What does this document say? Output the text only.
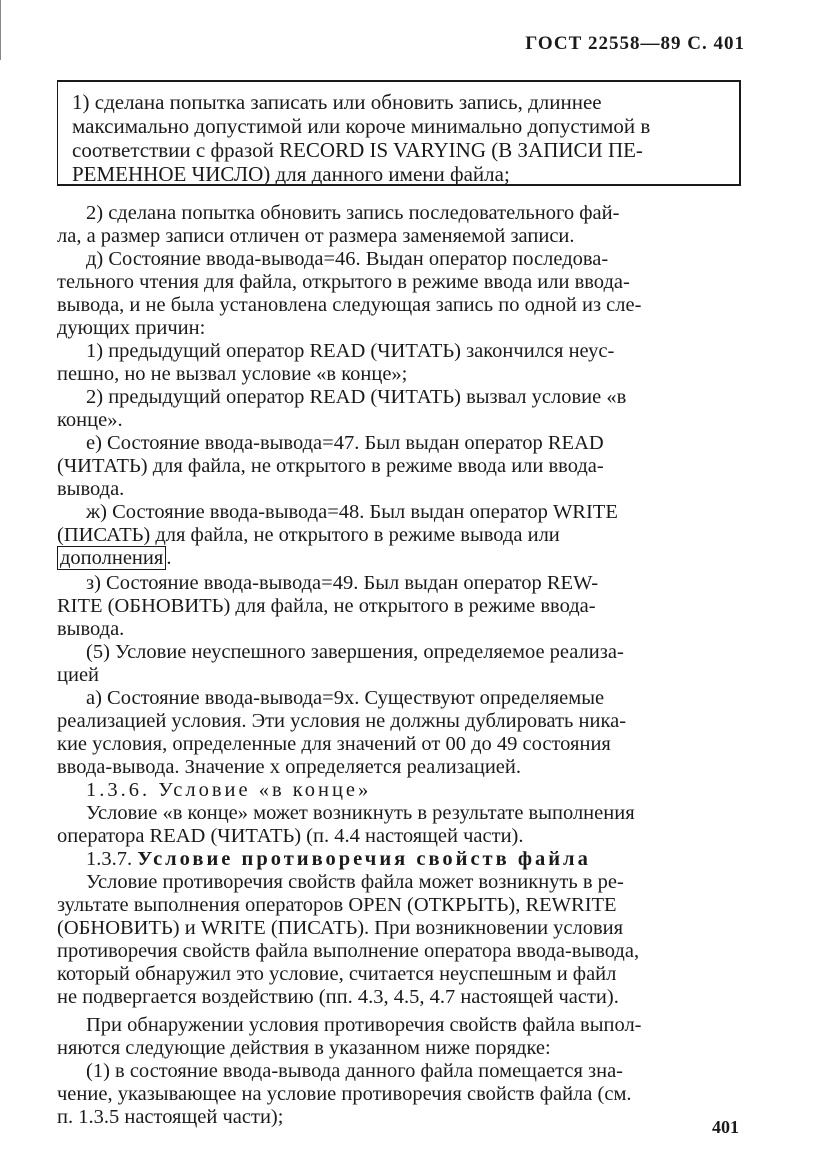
ГОСТ 22558—89 С. 401
1) сделана попытка записать или обновить запись, длиннее
максимально допустимой или короче минимально допустимой в
соответствии с фразой RECORD IS VARYING (В ЗАПИСИ ПЕ-
РЕМЕННОЕ ЧИСЛО) для данного имени файла;
2) сделана попытка обновить запись последовательного фай-
ла, а размер записи отличен от размера заменяемой записи.
д) Состояние ввода-вывода=46. Выдан оператор последова-
тельного чтения для файла, открытого в режиме ввода или ввода-
вывода, и не была установлена следующая запись по одной из сле-
дующих причин:
1) предыдущий оператор READ (ЧИТАТЬ) закончился неус-
пешно, но не вызвал условие «в конце»;
2) предыдущий оператор READ (ЧИТАТЬ) вызвал условие «в
конце».
е) Состояние ввода-вывода=47. Был выдан оператор READ
(ЧИТАТЬ) для файла, не открытого в режиме ввода или ввода-
вывода.
ж) Состояние ввода-вывода=48. Был выдан оператор WRITE
(ПИСАТЬ) для файла, не открытого в режиме вывода или
дополнения .
з) Состояние ввода-вывода=49. Был выдан оператор REW-
RITE (ОБНОВИТЬ) для файла, не открытого в режиме ввода-
вывода.
(5) Условие неуспешного завершения, определяемое реализа-
цией
а) Состояние ввода-вывода=9x. Существуют определяемые
реализацией условия. Эти условия не должны дублировать ника-
кие условия, определенные для значений от 00 до 49 состояния
ввода-вывода. Значение x определяется реализацией.
1.3.6. Условие «в конце»
Условие «в конце» может возникнуть в результате выполнения
оператора READ (ЧИТАТЬ) (п. 4.4 настоящей части).
1.3.7. Условие противоречия свойств файла
Условие противоречия свойств файла может возникнуть в ре-
зультате выполнения операторов OPEN (ОТКРЫТЬ), REWRITE
(ОБНОВИТЬ) и WRITE (ПИСАТЬ). При возникновении условия
противоречия свойств файла выполнение оператора ввода-вывода,
который обнаружил это условие, считается неуспешным и файл
не подвергается воздействию (пп. 4.3, 4.5, 4.7 настоящей части).
При обнаружении условия противоречия свойств файла выпол-
няются следующие действия в указанном ниже порядке:
(1) в состояние ввода-вывода данного файла помещается зна-
чение, указывающее на условие противоречия свойств файла (см.
п. 1.3.5 настоящей части);	401
